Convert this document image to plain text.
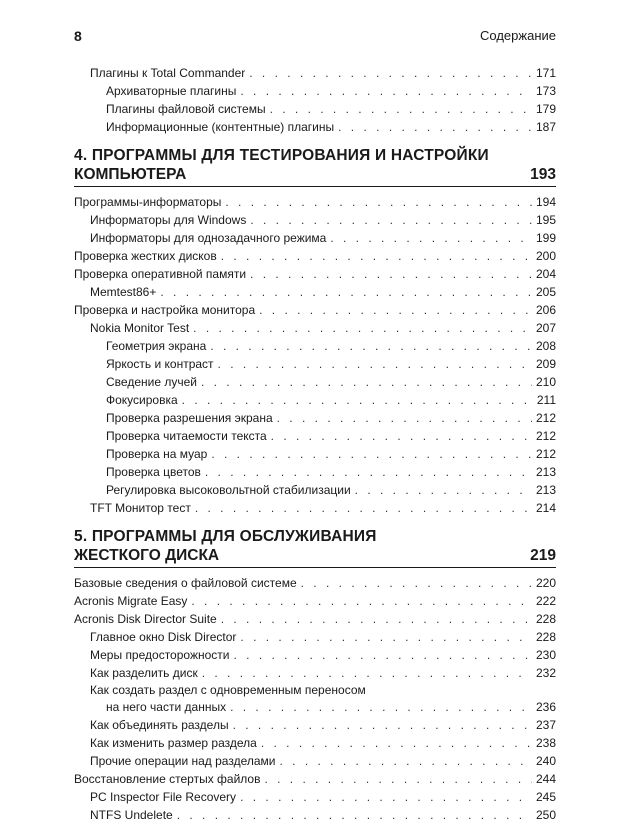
8	Содержание
Плагины к Total Commander . . .	171
Архиваторные плагины . . .	173
Плагины файловой системы . . .	179
Информационные (контентные) плагины . . .	187
4. ПРОГРАММЫ ДЛЯ ТЕСТИРОВАНИЯ И НАСТРОЙКИ
КОМПЬЮТЕРА	193
Программы-информаторы . . .	194
Информаторы для Windows . . .	195
Информаторы для однозадачного режима . . .	199
Проверка жестких дисков . . .	200
Проверка оперативной памяти . . .	204
Memtest86+ . . .	205
Проверка и настройка монитора . . .	206
Nokia Monitor Test . . .	207
Геометрия экрана . . .	208
Яркость и контраст . . .	209
Сведение лучей . . .	210
Фокусировка . . .	211
Проверка разрешения экрана . . .	212
Проверка читаемости текста . . .	212
Проверка на муар . . .	212
Проверка цветов . . .	213
Регулировка высоковольтной стабилизации . . .	213
TFT Монитор тест . . .	214
5. ПРОГРАММЫ ДЛЯ ОБСЛУЖИВАНИЯ
ЖЕСТКОГО ДИСКА	219
Базовые сведения о файловой системе . . .	220
Acronis Migrate Easy . . .	222
Acronis Disk Director Suite . . .	228
Главное окно Disk Director . . .	228
Меры предосторожности . . .	230
Как разделить диск . . .	232
Как создать раздел с одновременным переносом
на него части данных . . .	236
Как объединять разделы . . .	237
Как изменить размер раздела . . .	238
Прочие операции над разделами . . .	240
Восстановление стертых файлов . . .	244
PC Inspector File Recovery . . .	245
NTFS Undelete . . .	250
